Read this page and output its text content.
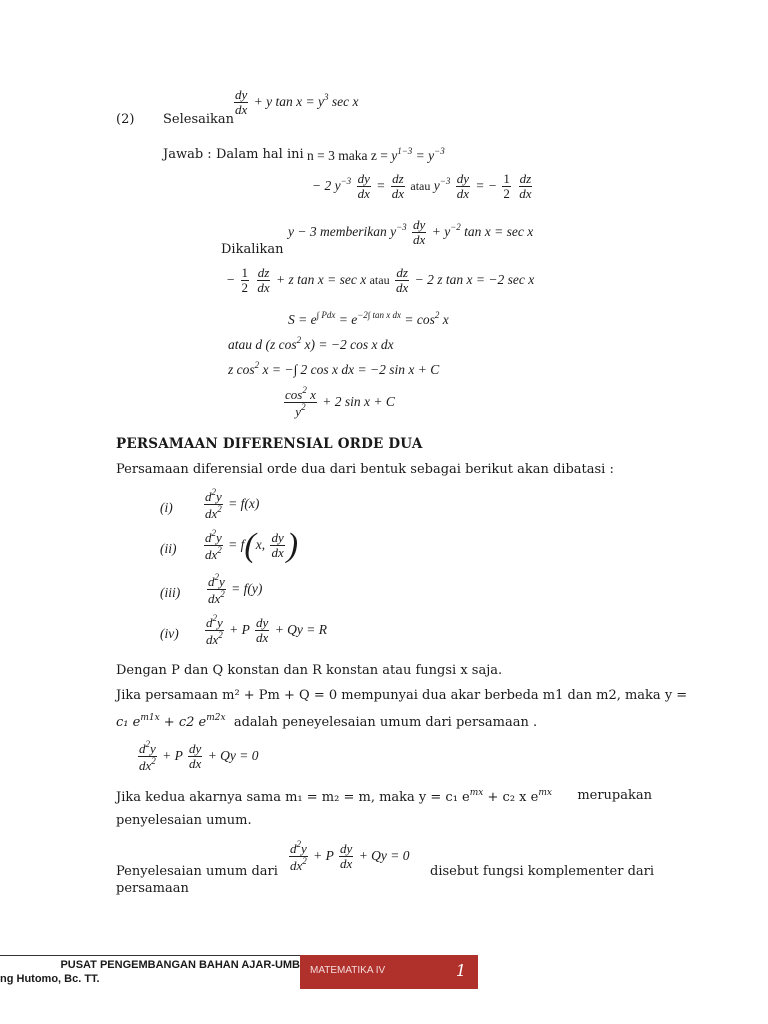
(2) Selesaikan
$\frac{dy}{dx} + y$ $\tan x = y^3$ sec x
Jawab : Dalam hal ini n = 3 maka $z = y^{1-3} = y^{-3}$
− 2 $y^{-3} \frac{dy}{dx} = \frac{dz}{dx}$ atau $y^{-3} \frac{dy}{dx}$ = − $\frac{1}{2}$
$\frac{dz}{dx}$
y − 3 memberikan $y^{-3} \frac{dy}{dx} + y^{-2}$ tan x = sec x
Dikalikan
− $\frac{1}{2}$
$\frac{dz}{dx} + z$ tan x = sec x atau $\frac{dz}{dx} - 2$ z tan x = −2 sec x
$S = e^{\int Pdx} = e^{-2\int tan x dx} = \cos^2 x$
atau d (z $\cos^2 x) = -2$ cos x dx
z $\cos^2 x$ = −∫ 2 cos x dx = −2 sin x + C
$\frac{\cos^2 x}{y^2} + 2$ sin x + C
PERSAMAAN DIFERENSIAL ORDE DUA
Persamaan diferensial orde dua dari bentuk sebagai berikut akan dibatasi :
$(i) \frac{d^2y}{dx^2} = f(x)$
$(ii) \frac{d^2y}{dx^2} = f(x$, $\frac{dy}{dx}$ )
$(iii) \frac{d^2y}{dx^2} = f(y)$
$(iv) \frac{d^2y}{dx^2} + P \frac{dy}{dx} + Qy = R$
Dengan P dan Q konstan dan R konstan atau fungsi x saja.
Jika persamaan m² + Pm + Q = 0 mempunyai dua akar berbeda m1 dan m2, maka y =
c₁ $e^{m1x} + c2$ $e^{m2x}$ adalah peneyelesaian umum dari persamaan .
$\frac{d^2y}{dx^2} + P \frac{dy}{dx} + Qy = 0$
Jika kedua akarnya sama m₁ = m₂ = m, maka y = c₁ $e^{mx} + c_2$ x $e^{mx}$ merupakan
penyelesaian umum.
Penyelesaian umum dari $\frac{d^2y}{dx^2} + P \frac{dy}{dx} + Qy = 0$
disebut fungsi komplementer dari
persamaan
PUSAT PENGEMBANGAN BAHAN AJAR-UMB
ng Hutomo, Bc. TT.
MATEMATIKA IV	1
